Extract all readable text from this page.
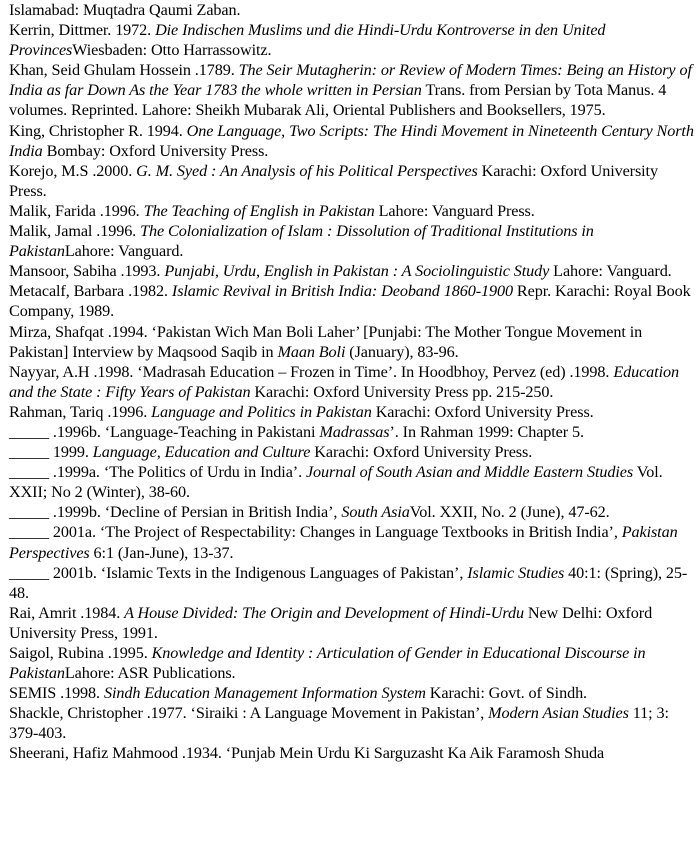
Islamabad: Muqtadra Qaumi Zaban.

Kerrin, Dittmer. 1972. Die Indischen Muslims und die Hindi-Urdu Kontroverse in den United ProvincesWiesbaden: Otto Harrassowitz.

Khan, Seid Ghulam Hossein .1789. The Seir Mutagherin: or Review of Modern Times: Being an History of India as far Down As the Year 1783 the whole written in Persian Trans. from Persian by Tota Manus. 4 volumes. Reprinted. Lahore: Sheikh Mubarak Ali, Oriental Publishers and Booksellers, 1975.

King, Christopher R. 1994. One Language, Two Scripts: The Hindi Movement in Nineteenth Century North India Bombay: Oxford University Press.

Korejo, M.S .2000. G. M. Syed : An Analysis of his Political Perspectives Karachi: Oxford University Press.

Malik, Farida .1996. The Teaching of English in Pakistan Lahore: Vanguard Press.

Malik, Jamal .1996. The Colonialization of Islam : Dissolution of Traditional Institutions in PakistanLahore: Vanguard.

Mansoor, Sabiha .1993. Punjabi, Urdu, English in Pakistan : A Sociolinguistic Study Lahore: Vanguard.

Metacalf, Barbara .1982. Islamic Revival in British India: Deoband 1860-1900 Repr. Karachi: Royal Book Company, 1989.

Mirza, Shafqat .1994. ‘Pakistan Wich Man Boli Laher’ [Punjabi: The Mother Tongue Movement in Pakistan] Interview by Maqsood Saqib in Maan Boli (January), 83-96.

Nayyar, A.H .1998. ‘Madrasah Education – Frozen in Time’. In Hoodbhoy, Pervez (ed) .1998. Education and the State : Fifty Years of Pakistan Karachi: Oxford University Press pp. 215-250.

Rahman, Tariq .1996. Language and Politics in Pakistan Karachi: Oxford University Press.

_____ .1996b. ‘Language-Teaching in Pakistani Madrassas’. In Rahman 1999: Chapter 5.

_____ 1999. Language, Education and Culture Karachi: Oxford University Press.

_____ .1999a. ‘The Politics of Urdu in India’. Journal of South Asian and Middle Eastern Studies Vol. XXII; No 2 (Winter), 38-60.

_____ .1999b. ‘Decline of Persian in British India’, South AsiaVol. XXII, No. 2 (June), 47-62.

_____ 2001a. ‘The Project of Respectability: Changes in Language Textbooks in British India’, Pakistan Perspectives 6:1 (Jan-June), 13-37.

_____ 2001b. ‘Islamic Texts in the Indigenous Languages of Pakistan’, Islamic Studies 40:1: (Spring), 25-48.

Rai, Amrit .1984. A House Divided: The Origin and Development of Hindi-Urdu New Delhi: Oxford University Press, 1991.

Saigol, Rubina .1995. Knowledge and Identity : Articulation of Gender in Educational Discourse in PakistanLahore: ASR Publications.

SEMIS .1998. Sindh Education Management Information System Karachi: Govt. of Sindh.

Shackle, Christopher .1977. ‘Siraiki : A Language Movement in Pakistan’, Modern Asian Studies 11; 3: 379-403.

Sheerani, Hafiz Mahmood .1934. ‘Punjab Mein Urdu Ki Sarguzasht Ka Aik Faramosh Shuda
